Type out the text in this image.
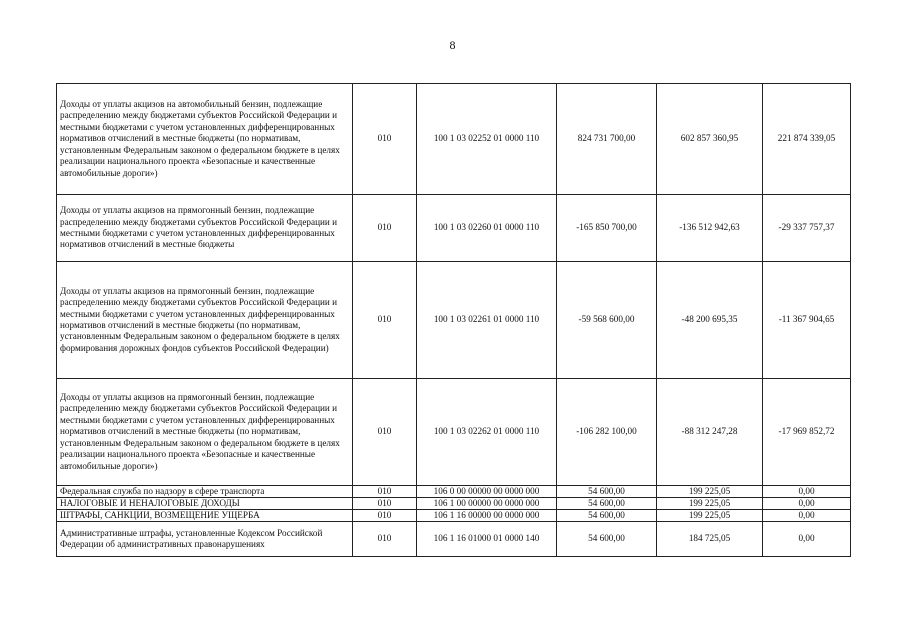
8
Доходы от уплаты акцизов на автомобильный бензин, подлежащие распределению между бюджетами субъектов Российской Федерации и местными бюджетами с учетом установленных дифференцированных нормативов отчислений в местные бюджеты (по нормативам, установленным Федеральным законом о федеральном бюджете в целях реализации национального проекта «Безопасные и качественные автомобильные дороги»)	010	100 1 03 02252 01 0000 110	824 731 700,00	602 857 360,95	221 874 339,05

Доходы от уплаты акцизов на прямогонный бензин, подлежащие распределению между бюджетами субъектов Российской Федерации и местными бюджетами с учетом установленных дифференцированных нормативов отчислений в местные бюджеты	010	100 1 03 02260 01 0000 110	-165 850 700,00	-136 512 942,63	-29 337 757,37

Доходы от уплаты акцизов на прямогонный бензин, подлежащие распределению между бюджетами субъектов Российской Федерации и местными бюджетами с учетом установленных дифференцированных нормативов отчислений в местные бюджеты (по нормативам, установленным Федеральным законом о федеральном бюджете в целях формирования дорожных фондов субъектов Российской Федерации)	010	100 1 03 02261 01 0000 110	-59 568 600,00	-48 200 695,35	-11 367 904,65

Доходы от уплаты акцизов на прямогонный бензин, подлежащие распределению между бюджетами субъектов Российской Федерации и местными бюджетами с учетом установленных дифференцированных нормативов отчислений в местные бюджеты (по нормативам, установленным Федеральным законом о федеральном бюджете в целях реализации национального проекта «Безопасные и качественные автомобильные дороги»)	010	100 1 03 02262 01 0000 110	-106 282 100,00	-88 312 247,28	-17 969 852,72
Федеральная служба по надзору в сфере транспорта	010	106 0 00 00000 00 0000 000	54 600,00	199 225,05	0,00
НАЛОГОВЫЕ И НЕНАЛОГОВЫЕ ДОХОДЫ	010	106 1 00 00000 00 0000 000	54 600,00	199 225,05	0,00
ШТРАФЫ, САНКЦИИ, ВОЗМЕЩЕНИЕ УЩЕРБА	010	106 1 16 00000 00 0000 000	54 600,00	199 225,05	0,00

Административные штрафы, установленные Кодексом Российской Федерации об административных правонарушениях	010	106 1 16 01000 01 0000 140	54 600,00	184 725,05	0,00
